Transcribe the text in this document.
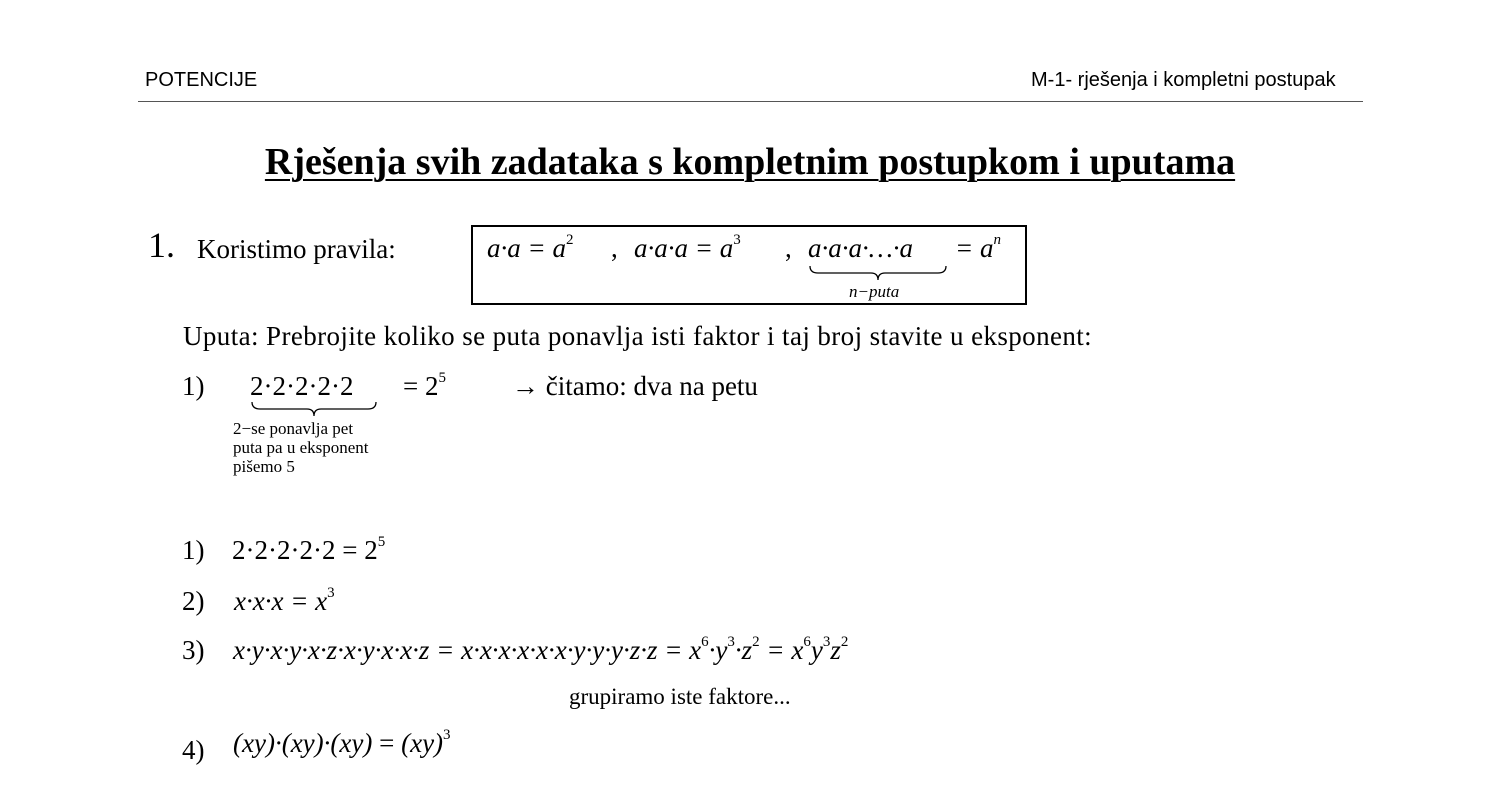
POTENCIJE	M-1- rješenja i kompletni postupak
Rješenja svih zadataka s kompletnim postupkom i uputama
1. Koristimo pravila:	$a\cdot a = a^2$ , $a\cdot a\cdot a = a^3$ , a·a·a·…·a = $a^n$
n−puta
Uputa: Prebrojite koliko se puta ponavlja isti faktor i taj broj stavite u eksponent:
1) $2\cdot 2\cdot 2\cdot 2\cdot 2 = 2^5$ → čitamo: dva na petu
2−se ponavlja pet
puta pa u eksponent
pišemo 5
1) $2\cdot 2\cdot 2\cdot 2\cdot 2 = 2^5$
2) $x\cdot x\cdot x = x^3$
3) $x\cdot y\cdot x\cdot y\cdot x\cdot z\cdot x\cdot y\cdot x\cdot x\cdot z = x\cdot x\cdot x\cdot x\cdot x\cdot x\cdot y\cdot y\cdot y\cdot z\cdot z = x^6\cdot y^3\cdot z^2 = x^6y^3z^2$
grupiramo iste faktore...
4) (xy)·(xy)·(xy) = (xy)$^3$
